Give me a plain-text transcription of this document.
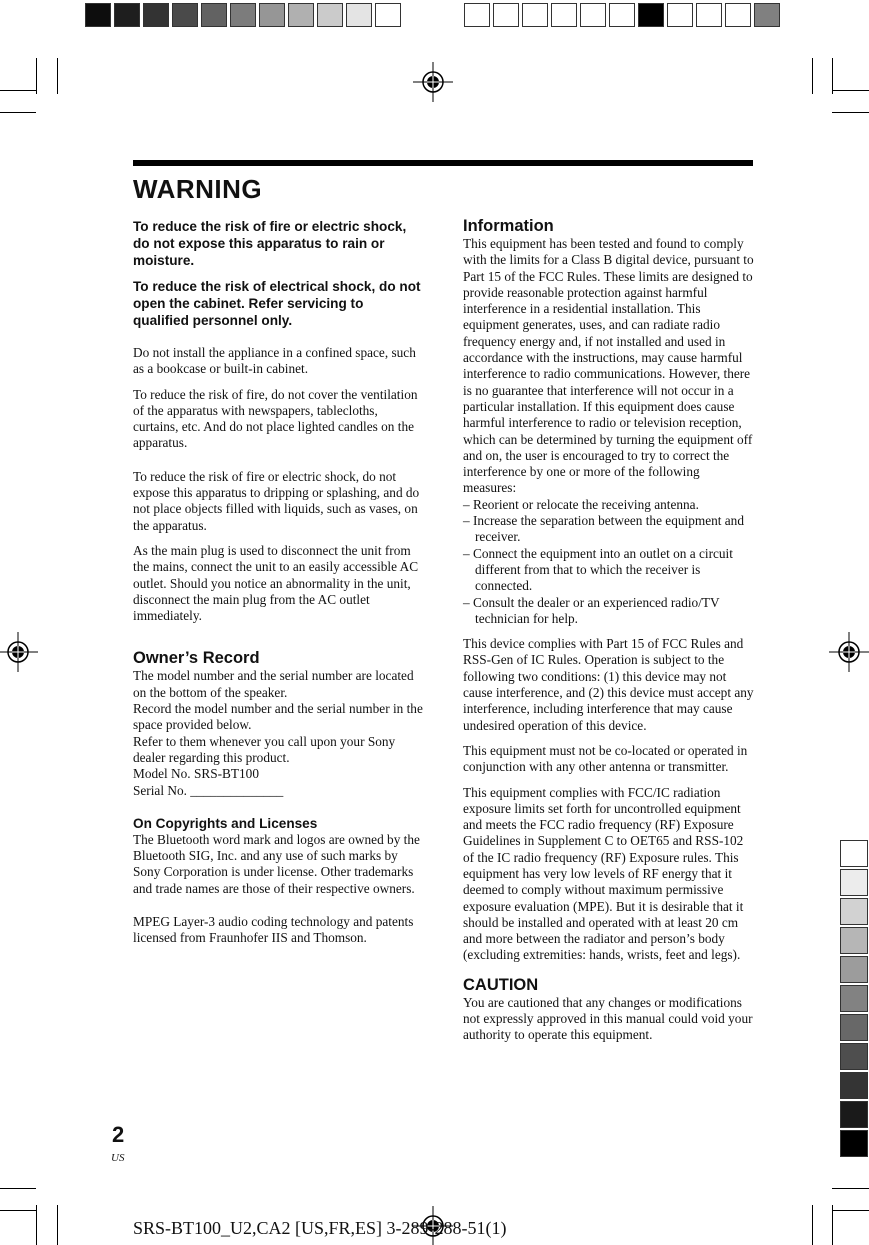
WARNING

To reduce the risk of fire or electric shock, do not expose this apparatus to rain or moisture.

To reduce the risk of electrical shock, do not open the cabinet. Refer servicing to qualified personnel only.

Do not install the appliance in a confined space, such as a bookcase or built-in cabinet.

To reduce the risk of fire, do not cover the ventilation of the apparatus with newspapers, tablecloths, curtains, etc. And do not place lighted candles on the apparatus.

To reduce the risk of fire or electric shock, do not expose this apparatus to dripping or splashing, and do not place objects filled with liquids, such as vases, on the apparatus.

As the main plug is used to disconnect the unit from the mains, connect the unit to an easily accessible AC outlet. Should you notice an abnormality in the unit, disconnect the main plug from the AC outlet immediately.

Owner’s Record
The model number and the serial number are located on the bottom of the speaker.
Record the model number and the serial number in the space provided below.
Refer to them whenever you call upon your Sony dealer regarding this product.
Model No. SRS-BT100
Serial No. ______________
On Copyrights and Licenses

The Bluetooth word mark and logos are owned by the Bluetooth SIG, Inc. and any use of such marks by Sony Corporation is under license. Other trademarks and trade names are those of their respective owners.

MPEG Layer-3 audio coding technology and patents licensed from Fraunhofer IIS and Thomson.

Information
This equipment has been tested and found to comply with the limits for a Class B digital device, pursuant to Part 15 of the FCC Rules. These limits are designed to provide reasonable protection against harmful interference in a residential installation. This equipment generates, uses, and can radiate radio frequency energy and, if not installed and used in accordance with the instructions, may cause harmful interference to radio communications. However, there is no guarantee that interference will not occur in a particular installation. If this equipment does cause harmful interference to radio or television reception, which can be determined by turning the equipment off and on, the user is encouraged to try to correct the interference by one or more of the following measures:
– Reorient or relocate the receiving antenna.
– Increase the separation between the equipment and receiver.
– Connect the equipment into an outlet on a circuit different from that to which the receiver is connected.
– Consult the dealer or an experienced radio/TV technician for help.

This device complies with Part 15 of FCC Rules and RSS-Gen of IC Rules. Operation is subject to the following two conditions: (1) this device may not cause interference, and (2) this device must accept any interference, including interference that may cause undesired operation of this device.

This equipment must not be co-located or operated in conjunction with any other antenna or transmitter.

This equipment complies with FCC/IC radiation exposure limits set forth for uncontrolled equipment and meets the FCC radio frequency (RF) Exposure Guidelines in Supplement C to OET65 and RSS-102 of the IC radio frequency (RF) Exposure rules. This equipment has very low levels of RF energy that it deemed to comply without maximum permissive exposure evaluation (MPE). But it is desirable that it should be installed and operated with at least 20 cm and more between the radiator and person’s body (excluding extremities: hands, wrists, feet and legs).

CAUTION

You are cautioned that any changes or modifications not expressly approved in this manual could void your authority to operate this equipment.

2
US
SRS-BT100_U2,CA2 [US,FR,ES] 3-289-288-51(1)
